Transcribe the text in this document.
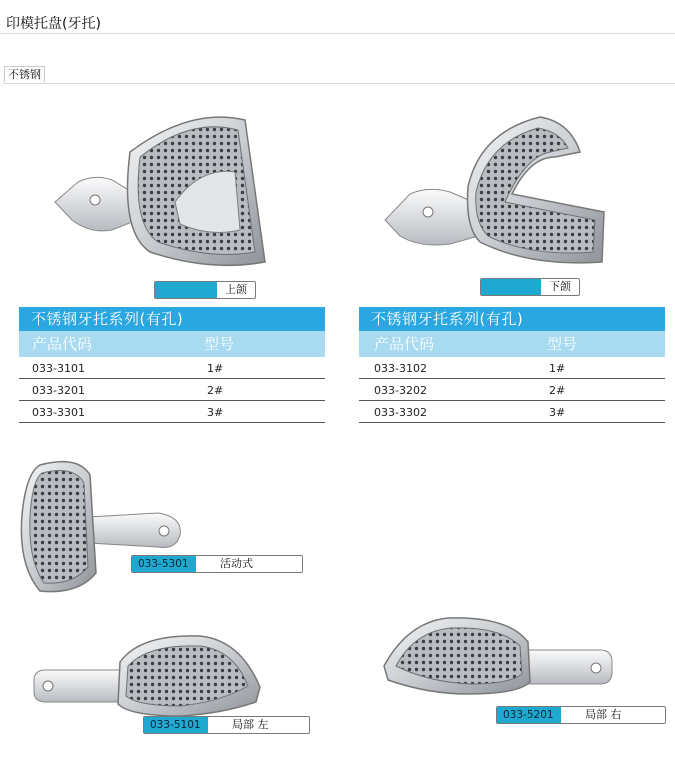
印模托盘(牙托)
不锈钢
上颌	下颌
不锈钢牙托系列(有孔)
产品代码	型号
033-3101	1#
033-3201	2#
033-3301	3#
不锈钢牙托系列(有孔)
产品代码	型号
033-3102	1#
033-3202	2#
033-3302	3#
033-5301	活动式
033-5101	局部 左
033-5201	局部 右
